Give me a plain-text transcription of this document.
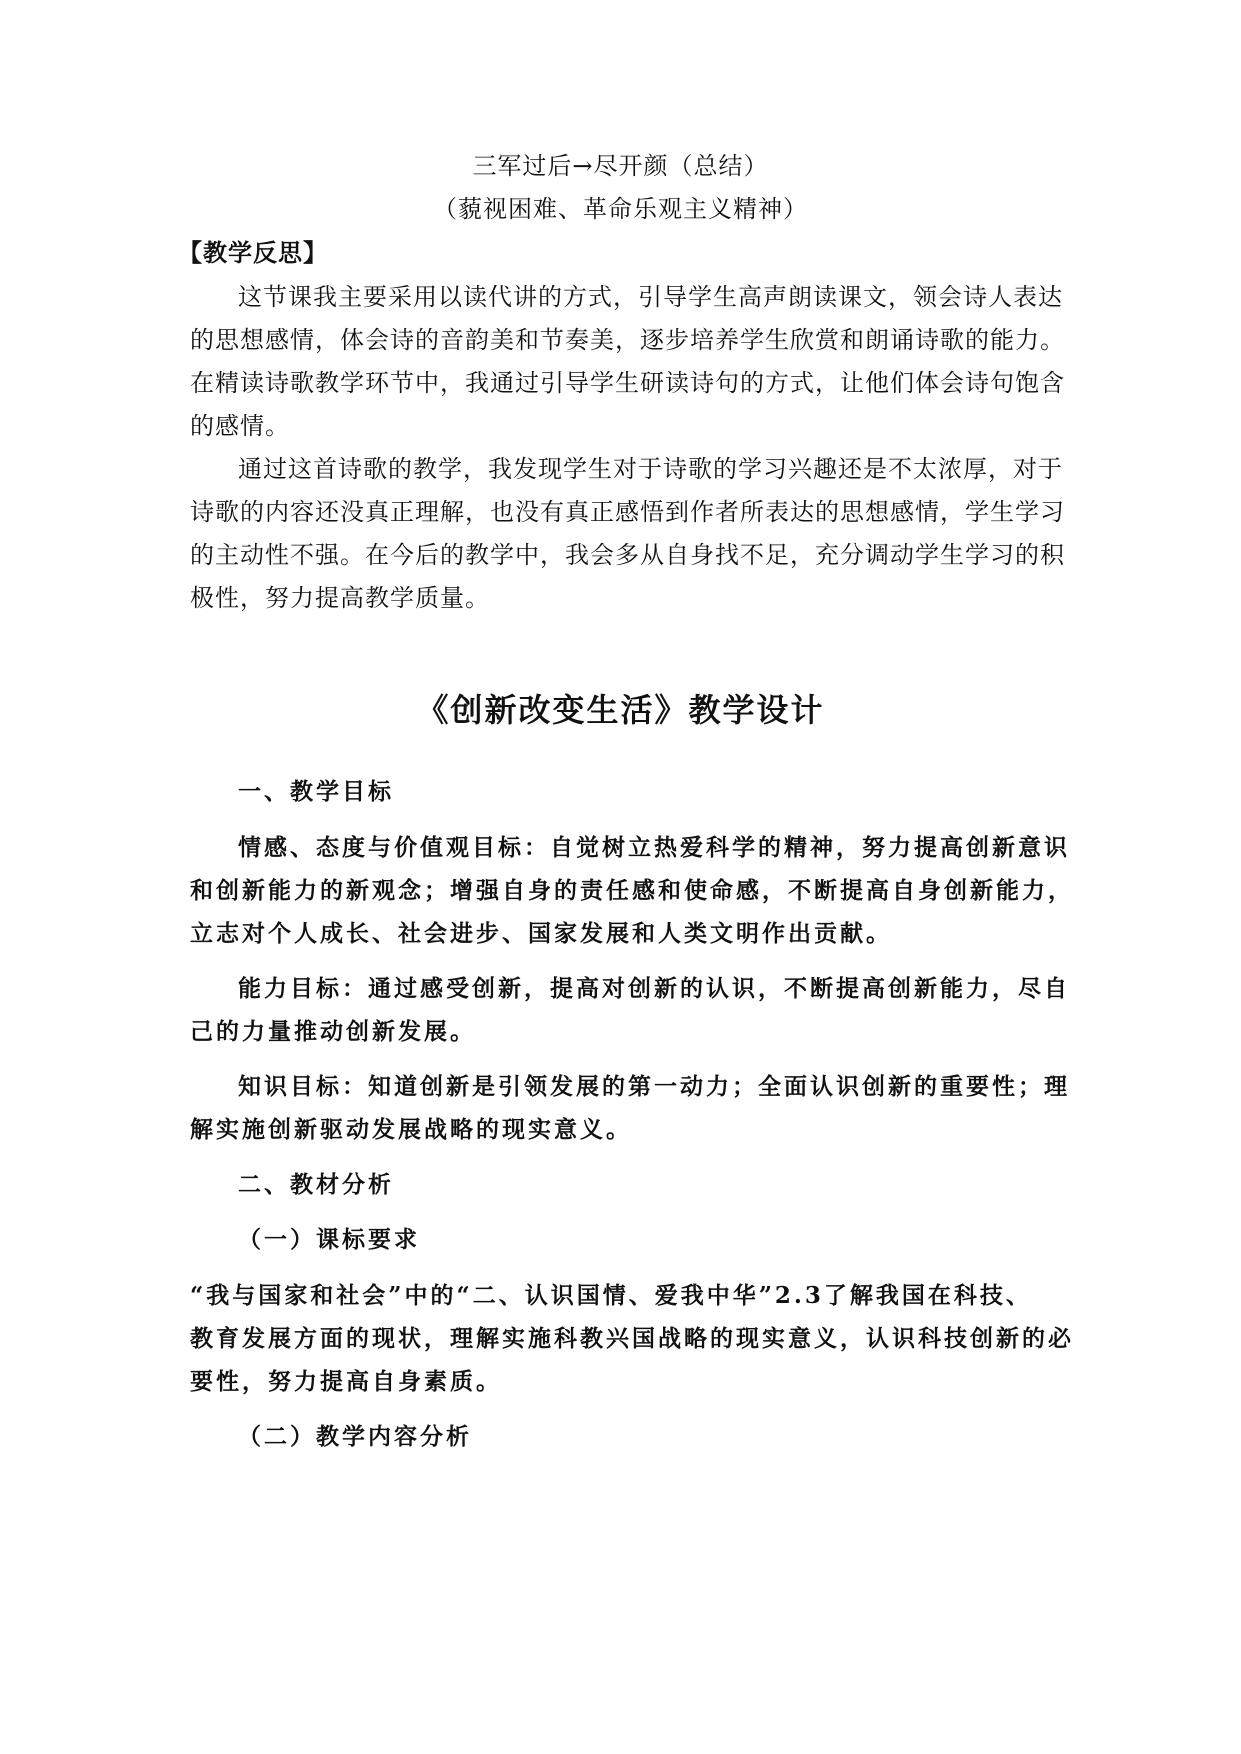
三军过后→尽开颜（总结）
（藐视困难、革命乐观主义精神）
【教学反思】
这节课我主要采用以读代讲的方式，引导学生高声朗读课文，领会诗人表达
的思想感情，体会诗的音韵美和节奏美，逐步培养学生欣赏和朗诵诗歌的能力。
在精读诗歌教学环节中，我通过引导学生研读诗句的方式，让他们体会诗句饱含
的感情。
通过这首诗歌的教学，我发现学生对于诗歌的学习兴趣还是不太浓厚，对于
诗歌的内容还没真正理解，也没有真正感悟到作者所表达的思想感情，学生学习
的主动性不强。在今后的教学中，我会多从自身找不足，充分调动学生学习的积
极性，努力提高教学质量。
《创新改变生活》教学设计
一、教学目标
情感、态度与价值观目标：自觉树立热爱科学的精神，努力提高创新意识
和创新能力的新观念；增强自身的责任感和使命感，不断提高自身创新能力，
立志对个人成长、社会进步、国家发展和人类文明作出贡献。
能力目标：通过感受创新，提高对创新的认识，不断提高创新能力，尽自
己的力量推动创新发展。
知识目标：知道创新是引领发展的第一动力；全面认识创新的重要性；理
解实施创新驱动发展战略的现实意义。
二、教材分析
（一）课标要求
“我与国家和社会”中的“二、认识国情、爱我中华”2.3了解我国在科技、
教育发展方面的现状，理解实施科教兴国战略的现实意义，认识科技创新的必
要性，努力提高自身素质。
（二）教学内容分析
